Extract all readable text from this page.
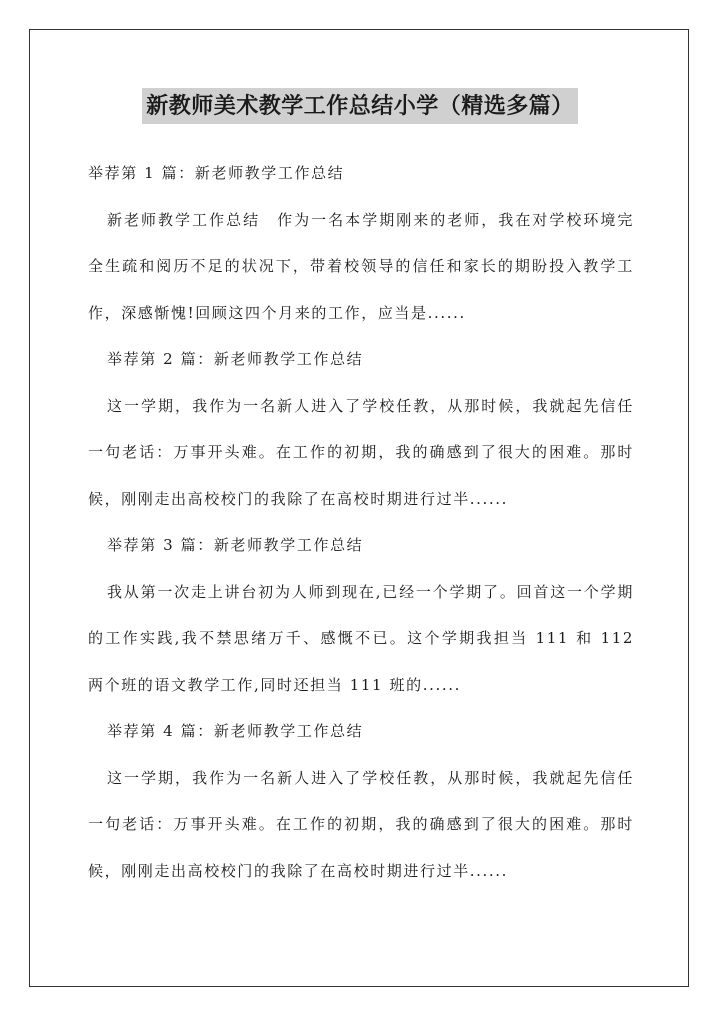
新教师美术教学工作总结小学（精选多篇）
举荐第 1 篇：新老师教学工作总结
新老师教学工作总结　作为一名本学期刚来的老师，我在对学校环境完全生疏和阅历不足的状况下，带着校领导的信任和家长的期盼投入教学工作，深感惭愧!回顾这四个月来的工作，应当是......
举荐第 2 篇：新老师教学工作总结
这一学期，我作为一名新人进入了学校任教，从那时候，我就起先信任一句老话：万事开头难。在工作的初期，我的确感到了很大的困难。那时候，刚刚走出高校校门的我除了在高校时期进行过半......
举荐第 3 篇：新老师教学工作总结
我从第一次走上讲台初为人师到现在,已经一个学期了。回首这一个学期的工作实践,我不禁思绪万千、感慨不已。这个学期我担当 111 和 112 两个班的语文教学工作,同时还担当 111 班的......
举荐第 4 篇：新老师教学工作总结
这一学期，我作为一名新人进入了学校任教，从那时候，我就起先信任一句老话：万事开头难。在工作的初期，我的确感到了很大的困难。那时候，刚刚走出高校校门的我除了在高校时期进行过半......
